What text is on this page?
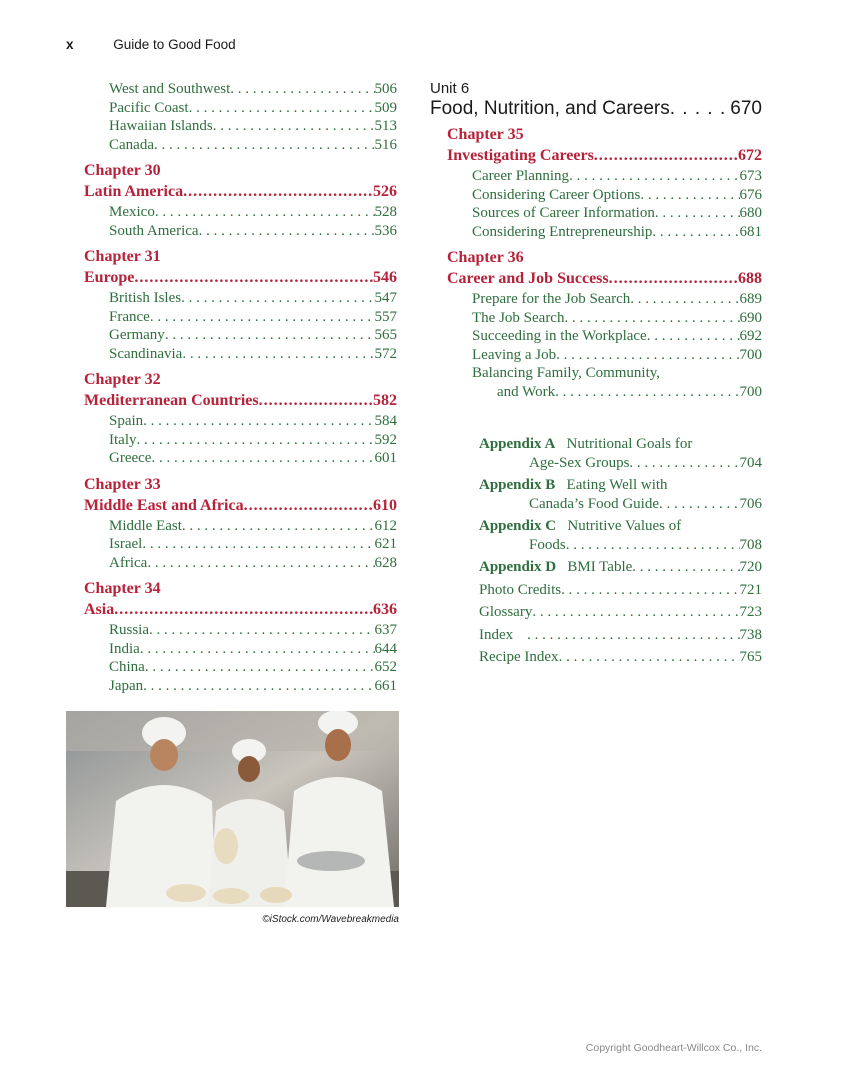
x	Guide to Good Food
West and Southwest . . .	506
Pacific Coast . . .	509
Hawaiian Islands . . .	513
Canada . . .	516
Chapter 30
Latin America .....	526
Mexico . . .	528
South America . . .	536
Chapter 31
Europe .....	546
British Isles . . .	547
France . . .	557
Germany . . .	565
Scandinavia . . .	572
Chapter 32
Mediterranean Countries .....	582
Spain . . .	584
Italy . . .	592
Greece . . .	601
Chapter 33
Middle East and Africa .....	610
Middle East . . .	612
Israel . . .	621
Africa . . .	628
Chapter 34
Asia .....	636
Russia . . .	637
India . . .	644
China . . .	652
Japan . . .	661
©iStock.com/Wavebreakmedia
Unit 6
Food, Nutrition, and Careers . . .	670
Chapter 35
Investigating Careers .....	672
Career Planning . . .	673
Considering Career Options . . .	676
Sources of Career Information . . .	680
Considering Entrepreneurship . . .	681
Chapter 36
Career and Job Success .....	688
Prepare for the Job Search . . .	689
The Job Search . . .	690
Succeeding in the Workplace . . .	692
Leaving a Job . . .	700
Balancing Family, Community,
and Work . . .	700
Appendix A Nutritional Goals for
Age-Sex Groups . . .	704
Appendix B Eating Well with
Canada’s Food Guide . . .	706
Appendix C Nutritive Values of
Foods . . .	708
Appendix D BMI Table . . .	720
Photo Credits . . .	721
Glossary . . .	723
Index . . .	738
Recipe Index . . .	765
Copyright Goodheart-Willcox Co., Inc.
